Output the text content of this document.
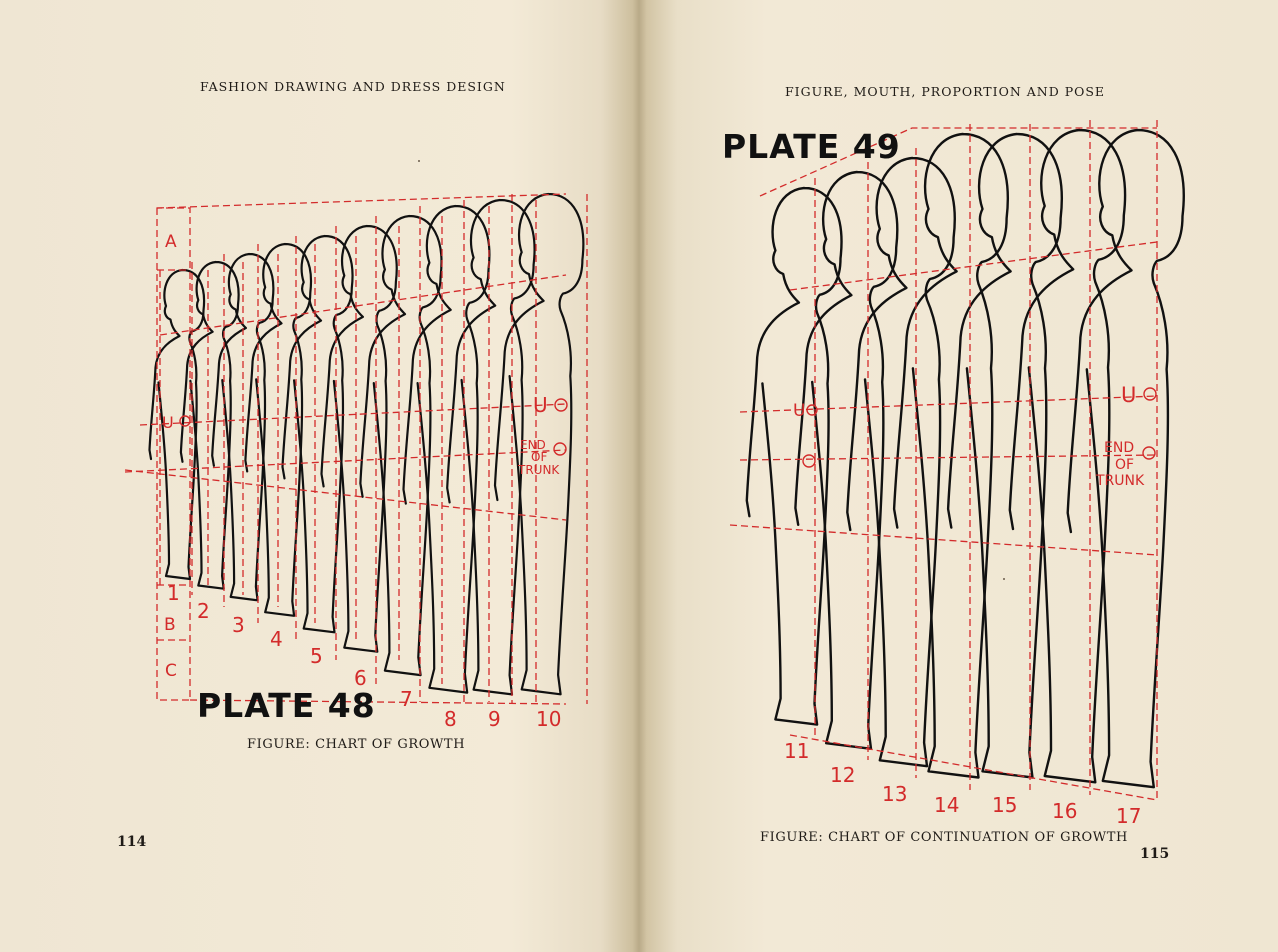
FASHION DRAWING AND DRESS DESIGN
1
2
3
4
5
6
7
8 9 10
A
B
C
U
U
END
OF
TRUNK
PLATE 48
FIGURE: CHART OF GROWTH
114
FIGURE, MOUTH, PROPORTION AND POSE
11
12
13 14 15 16 17
U
U
END
OF
TRUNK
PLATE 49
FIGURE: CHART OF CONTINUATION OF GROWTH
115
